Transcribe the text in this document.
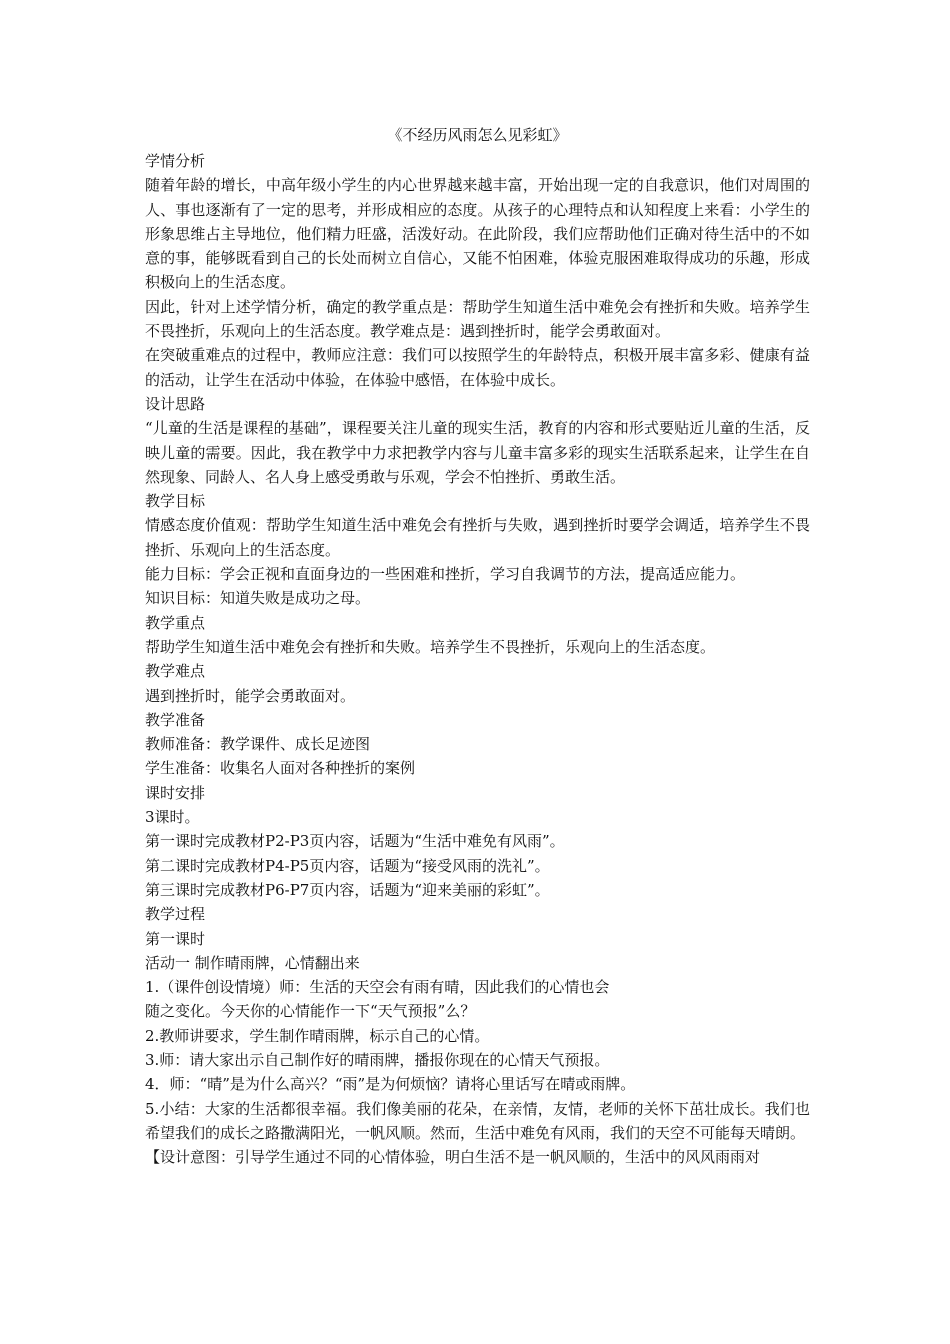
《不经历风雨怎么见彩虹》

学情分析

随着年龄的增长，中高年级小学生的内心世界越来越丰富，开始出现一定的自我意识，他们对周围的人、事也逐渐有了一定的思考，并形成相应的态度。从孩子的心理特点和认知程度上来看：小学生的形象思维占主导地位，他们精力旺盛，活泼好动。在此阶段，我们应帮助他们正确对待生活中的不如意的事，能够既看到自己的长处而树立自信心，又能不怕困难，体验克服困难取得成功的乐趣，形成积极向上的生活态度。

因此，针对上述学情分析，确定的教学重点是：帮助学生知道生活中难免会有挫折和失败。培养学生不畏挫折，乐观向上的生活态度。教学难点是：遇到挫折时，能学会勇敢面对。

在突破重难点的过程中，教师应注意：我们可以按照学生的年龄特点，积极开展丰富多彩、健康有益的活动，让学生在活动中体验，在体验中感悟，在体验中成长。

设计思路

“儿童的生活是课程的基础”，课程要关注儿童的现实生活，教育的内容和形式要贴近儿童的生活，反映儿童的需要。因此，我在教学中力求把教学内容与儿童丰富多彩的现实生活联系起来，让学生在自然现象、同龄人、名人身上感受勇敢与乐观，学会不怕挫折、勇敢生活。

教学目标

情感态度价值观：帮助学生知道生活中难免会有挫折与失败，遇到挫折时要学会调适，培养学生不畏挫折、乐观向上的生活态度。

能力目标：学会正视和直面身边的一些困难和挫折，学习自我调节的方法，提高适应能力。

知识目标：知道失败是成功之母。

教学重点

帮助学生知道生活中难免会有挫折和失败。培养学生不畏挫折，乐观向上的生活态度。

教学难点

遇到挫折时，能学会勇敢面对。

教学准备

教师准备：教学课件、成长足迹图

学生准备：收集名人面对各种挫折的案例

课时安排

3课时。

第一课时完成教材P2-P3页内容，话题为“生活中难免有风雨”。

第二课时完成教材P4-P5页内容，话题为“接受风雨的洗礼”。

第三课时完成教材P6-P7页内容，话题为“迎来美丽的彩虹”。

教学过程

第一课时

活动一 制作晴雨牌，心情翻出来

1.（课件创设情境）师：生活的天空会有雨有晴，因此我们的心情也会

随之变化。今天你的心情能作一下“天气预报”么？

2.教师讲要求，学生制作晴雨牌，标示自己的心情。

3.师：请大家出示自己制作好的晴雨牌，播报你现在的心情天气预报。

4．师：“晴”是为什么高兴？“雨”是为何烦恼？请将心里话写在晴或雨牌。

5.小结：大家的生活都很幸福。我们像美丽的花朵，在亲情，友情，老师的关怀下茁壮成长。我们也希望我们的成长之路撒满阳光，一帆风顺。然而，生活中难免有风雨，我们的天空不可能每天晴朗。

【设计意图：引导学生通过不同的心情体验，明白生活不是一帆风顺的，生活中的风风雨雨对
